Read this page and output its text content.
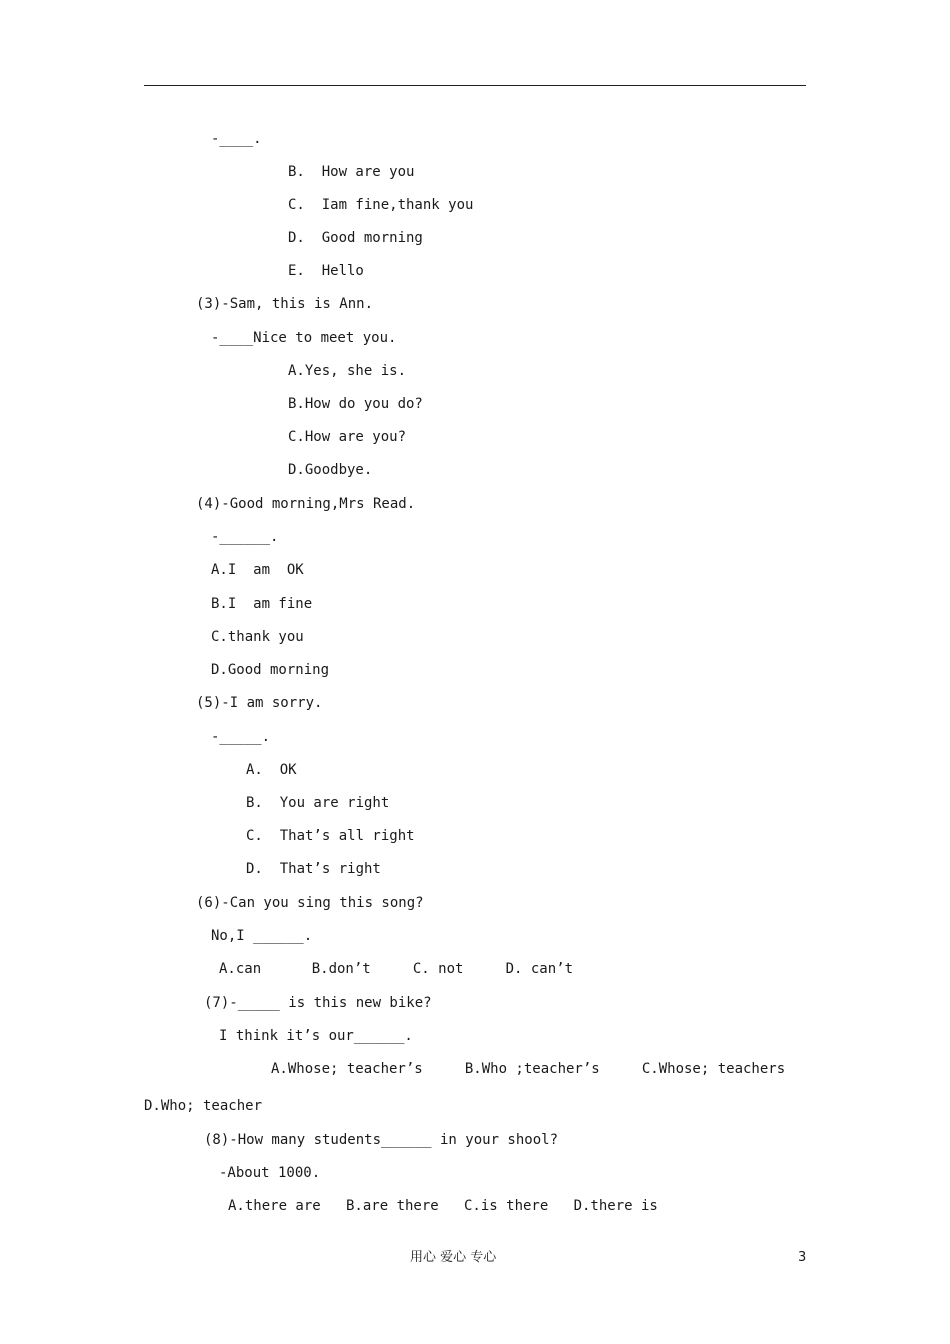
-____.
B.  How are you
C.  Iam fine,thank you
D.  Good morning
E.  Hello
(3)-Sam, this is Ann.
-____Nice to meet you.
A.Yes, she is.
B.How do you do?
C.How are you?
D.Goodbye.
(4)-Good morning,Mrs Read.
-______.
A.I  am  OK
B.I  am fine
C.thank you
D.Good morning
(5)-I am sorry.
-_____.
A.  OK
B.  You are right
C.  That’s all right
D.  That’s right
(6)-Can you sing this song?
No,I ______.
A.can      B.don’t     C. not     D. can’t
(7)-_____ is this new bike?
I think it’s our______.
A.Whose; teacher’s     B.Who ;teacher’s     C.Whose; teachers
D.Who; teacher
(8)-How many students______ in your shool?
-About 1000.
A.there are   B.are there   C.is there   D.there is
用心 爱心 专心	3
